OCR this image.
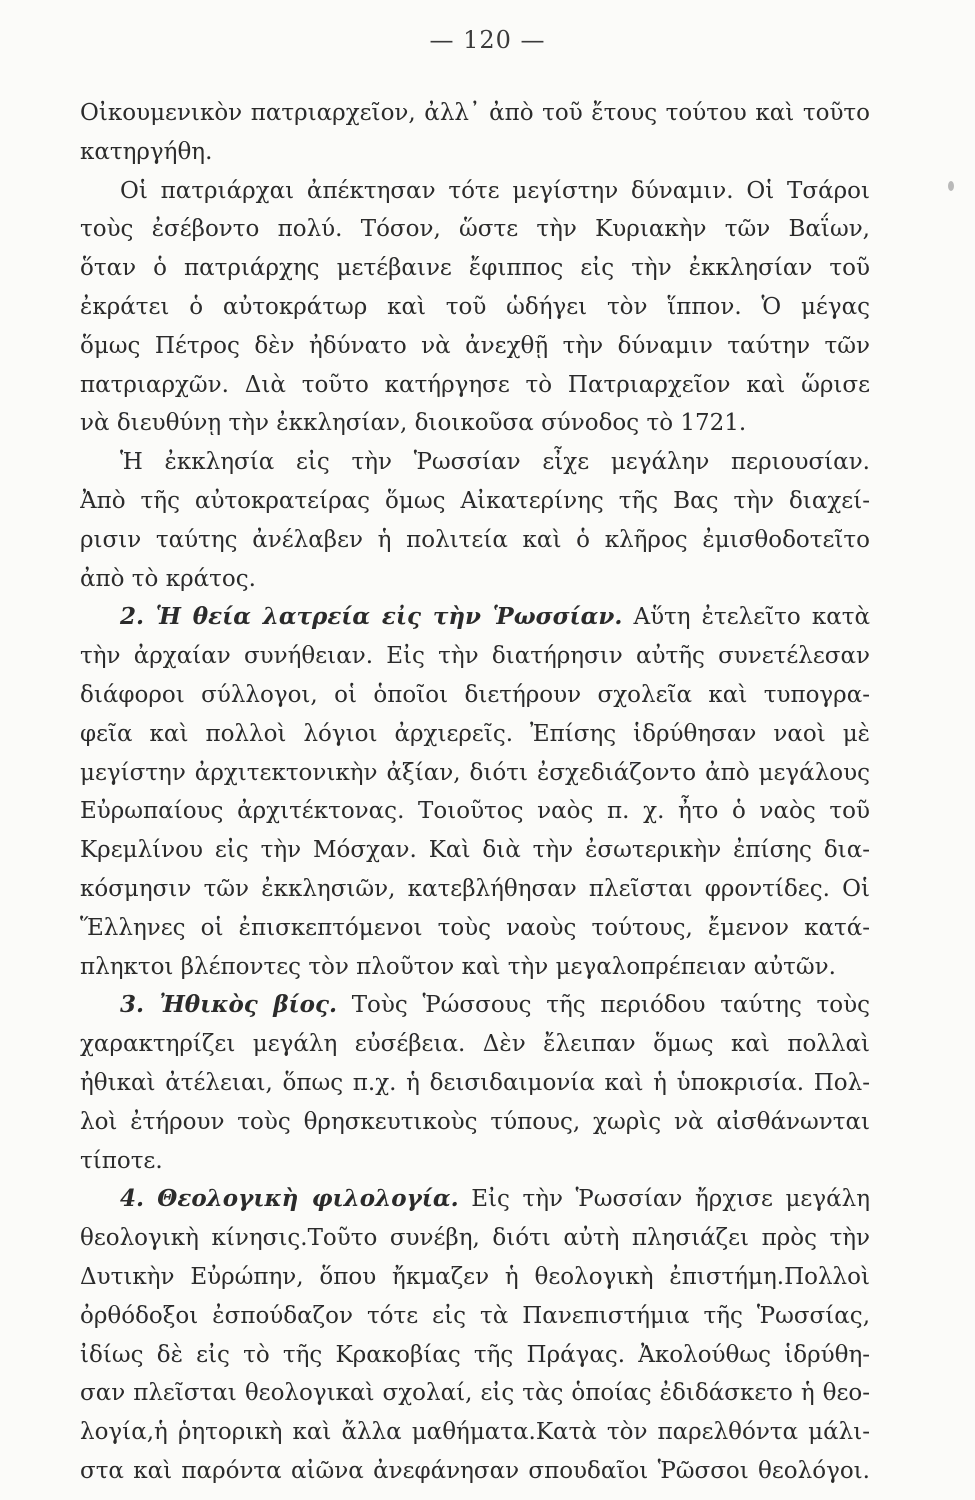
— 120 —
Οἰκουμενικὸν πατριαρχεῖον, ἀλλ᾽ ἀπὸ τοῦ ἔτους τούτου καὶ τοῦτο
κατηργήθη.
Οἱ πατριάρχαι ἀπέκτησαν τότε μεγίστην δύναμιν. Οἱ Τσάροι
τοὺς ἐσέβοντο πολύ. Τόσον, ὥστε τὴν Κυριακὴν τῶν Βαΐων,
ὅταν ὁ πατριάρχης μετέβαινε ἔφιππος εἰς τὴν ἐκκλησίαν τοῦ
ἐκράτει ὁ αὐτοκράτωρ καὶ τοῦ ὡδήγει τὸν ἵππον. Ὁ μέγας
ὅμως Πέτρος δὲν ἠδύνατο νὰ ἀνεχθῇ τὴν δύναμιν ταύτην τῶν
πατριαρχῶν. Διὰ τοῦτο κατήργησε τὸ Πατριαρχεῖον καὶ ὥρισε
νὰ διευθύνῃ τὴν ἐκκλησίαν, διοικοῦσα σύνοδος τὸ 1721.
Ἡ ἐκκλησία εἰς τὴν Ῥωσσίαν εἶχε μεγάλην περιουσίαν.
Ἀπὸ τῆς αὐτοκρατείρας ὅμως Αἰκατερίνης τῆς Βας τὴν διαχεί-
ρισιν ταύτης ἀνέλαβεν ἡ πολιτεία καὶ ὁ κλῆρος ἐμισθοδοτεῖτο
ἀπὸ τὸ κράτος.
2. Ἡ θεία λατρεία εἰς τὴν Ῥωσσίαν. Αὕτη ἐτελεῖτο κατὰ
τὴν ἀρχαίαν συνήθειαν. Εἰς τὴν διατήρησιν αὐτῆς συνετέλεσαν
διάφοροι σύλλογοι, οἱ ὁποῖοι διετήρουν σχολεῖα καὶ τυπογρα-
φεῖα καὶ πολλοὶ λόγιοι ἀρχιερεῖς. Ἐπίσης ἱδρύθησαν ναοὶ μὲ
μεγίστην ἀρχιτεκτονικὴν ἀξίαν, διότι ἐσχεδιάζοντο ἀπὸ μεγάλους
Εὐρωπαίους ἀρχιτέκτονας. Τοιοῦτος ναὸς π. χ. ἦτο ὁ ναὸς τοῦ
Κρεμλίνου εἰς τὴν Μόσχαν. Καὶ διὰ τὴν ἐσωτερικὴν ἐπίσης δια-
κόσμησιν τῶν ἐκκλησιῶν, κατεβλήθησαν πλεῖσται φροντίδες. Οἱ
Ἕλληνες οἱ ἐπισκεπτόμενοι τοὺς ναοὺς τούτους, ἔμενον κατά-
πληκτοι βλέποντες τὸν πλοῦτον καὶ τὴν μεγαλοπρέπειαν αὐτῶν.
3. Ἠθικὸς βίος. Τοὺς Ῥώσσους τῆς περιόδου ταύτης τοὺς
χαρακτηρίζει μεγάλη εὐσέβεια. Δὲν ἔλειπαν ὅμως καὶ πολλαὶ
ἠθικαὶ ἀτέλειαι, ὅπως π.χ. ἡ δεισιδαιμονία καὶ ἡ ὑποκρισία. Πολ-
λοὶ ἐτήρουν τοὺς θρησκευτικοὺς τύπους, χωρὶς νὰ αἰσθάνωνται
τίποτε.
4. Θεολογικὴ φιλολογία. Εἰς τὴν Ῥωσσίαν ἤρχισε μεγάλη
θεολογικὴ κίνησις.Τοῦτο συνέβη, διότι αὐτὴ πλησιάζει πρὸς τὴν
Δυτικὴν Εὐρώπην, ὅπου ἤκμαζεν ἡ θεολογικὴ ἐπιστήμη.Πολλοὶ
ὀρθόδοξοι ἐσπούδαζον τότε εἰς τὰ Πανεπιστήμια τῆς Ῥωσσίας,
ἰδίως δὲ εἰς τὸ τῆς Κρακοβίας τῆς Πράγας. Ἀκολούθως ἱδρύθη-
σαν πλεῖσται θεολογικαὶ σχολαί, εἰς τὰς ὁποίας ἐδιδάσκετο ἡ θεο-
λογία,ἡ ῥητορικὴ καὶ ἄλλα μαθήματα.Κατὰ τὸν παρελθόντα μάλι-
στα καὶ παρόντα αἰῶνα ἀνεφάνησαν σπουδαῖοι Ῥῶσσοι θεολόγοι.
